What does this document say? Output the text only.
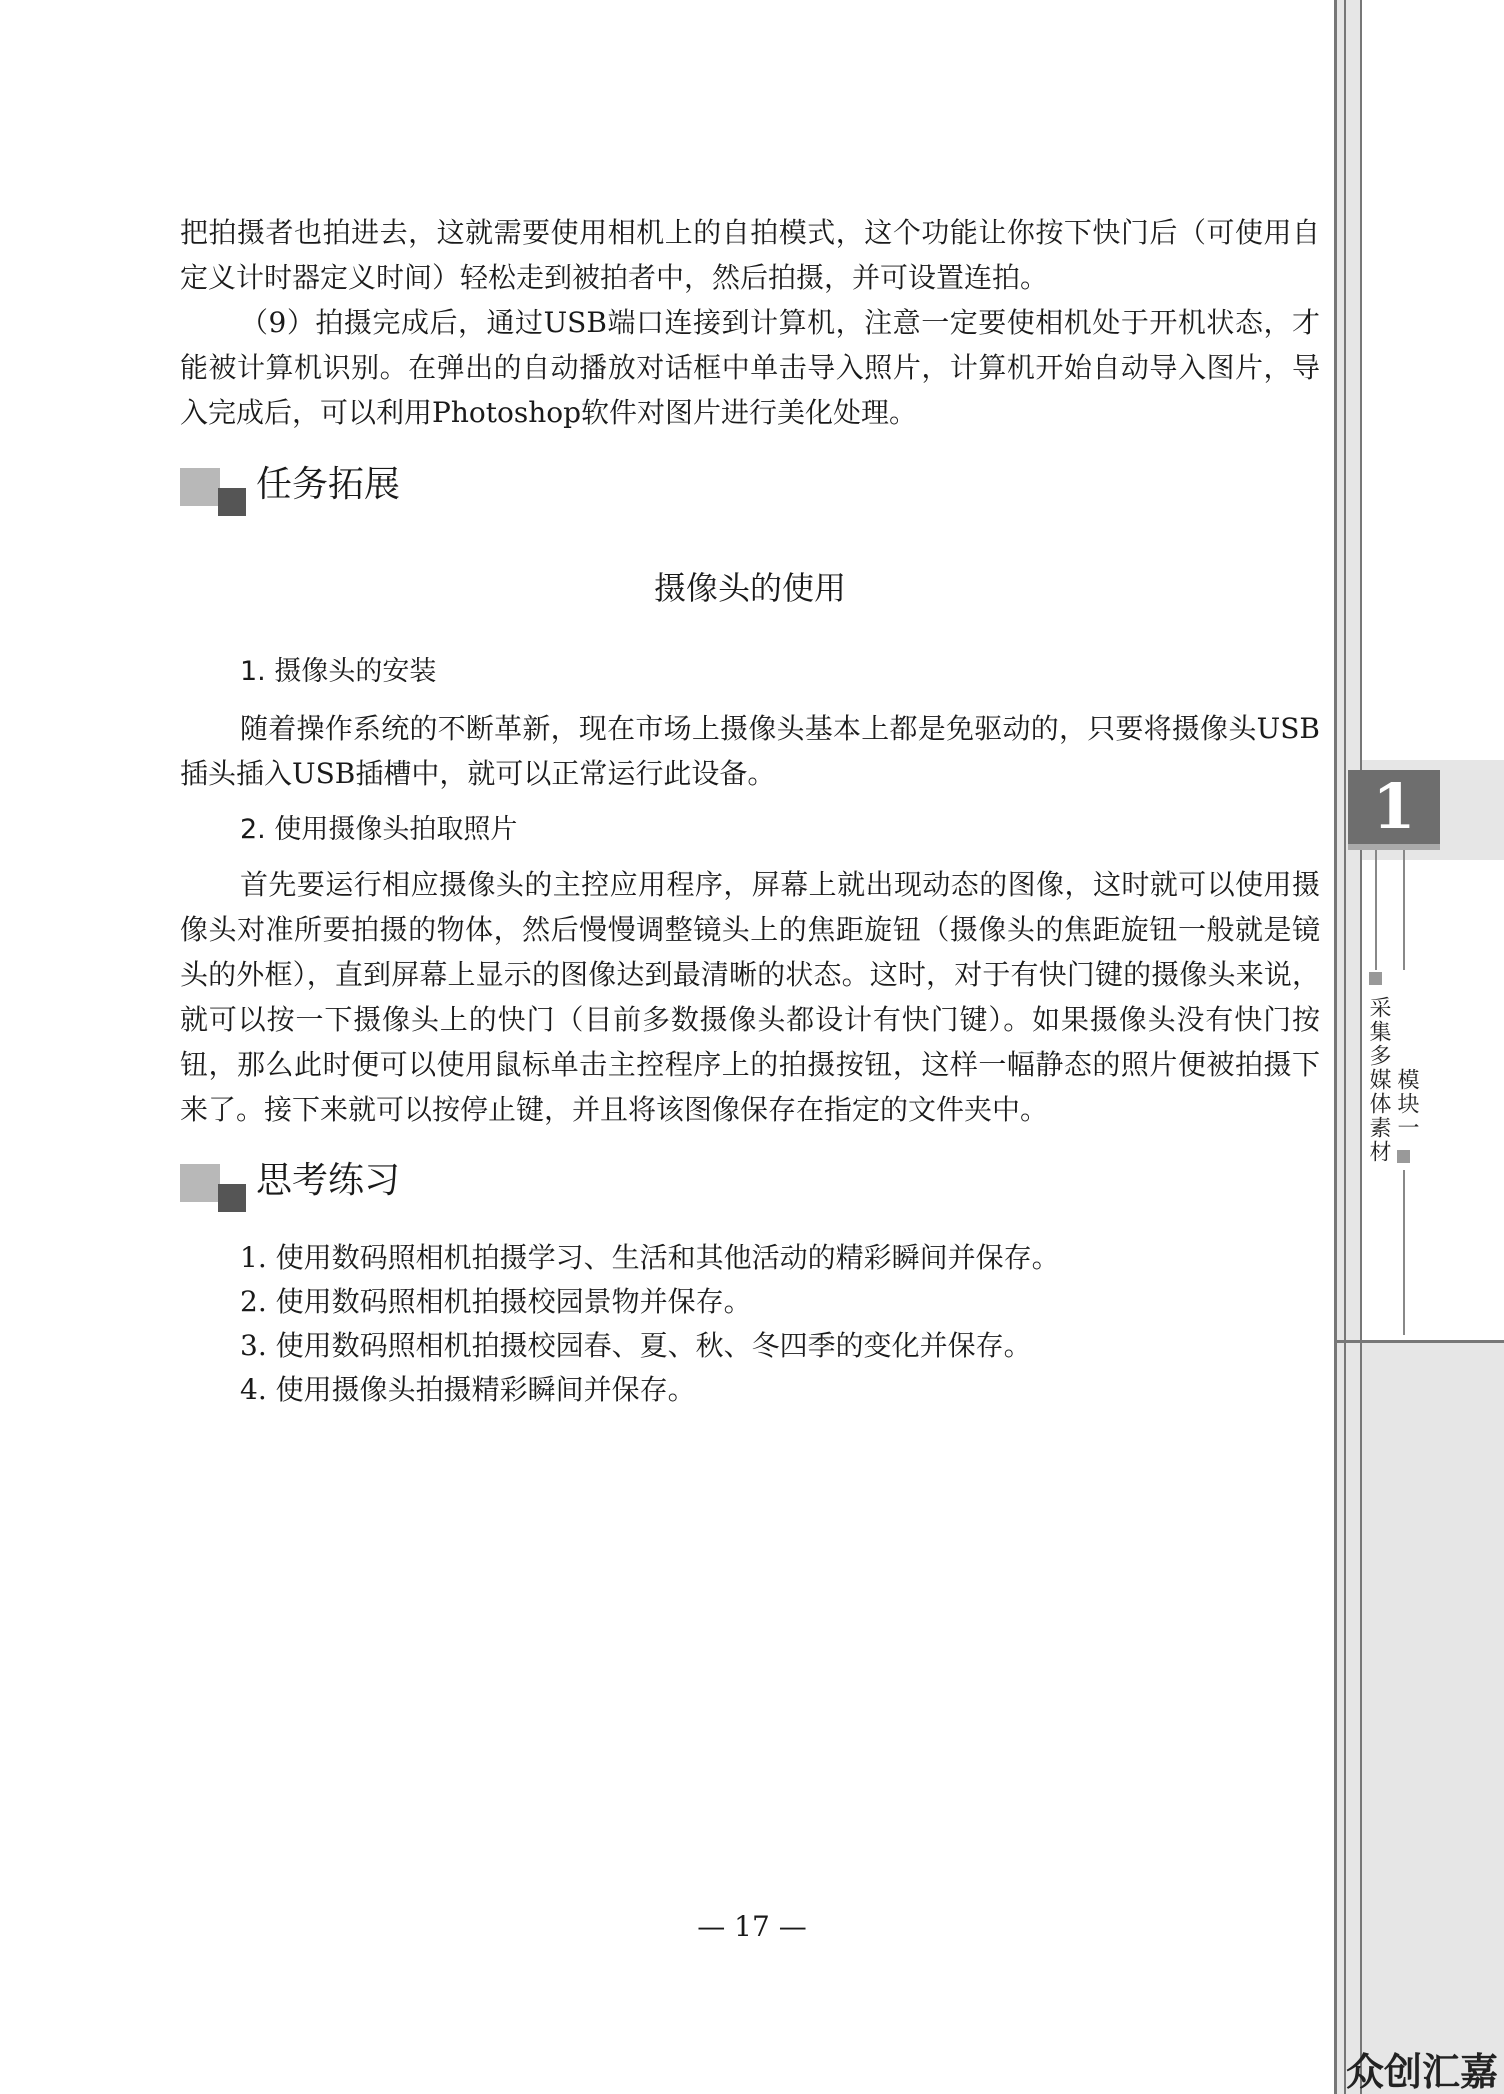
1
采集多媒体素材 模块一

把拍摄者也拍进去，这就需要使用相机上的自拍模式，这个功能让你按下快门后（可使用自定义计时器定义时间）轻松走到被拍者中，然后拍摄，并可设置连拍。

（9）拍摄完成后，通过USB端口连接到计算机，注意一定要使相机处于开机状态，才能被计算机识别。在弹出的自动播放对话框中单击导入照片，计算机开始自动导入图片，导入完成后，可以利用Photoshop软件对图片进行美化处理。

任务拓展
摄像头的使用
1. 摄像头的安装

随着操作系统的不断革新，现在市场上摄像头基本上都是免驱动的，只要将摄像头USB插头插入USB插槽中，就可以正常运行此设备。

2. 使用摄像头拍取照片

首先要运行相应摄像头的主控应用程序，屏幕上就出现动态的图像，这时就可以使用摄像头对准所要拍摄的物体，然后慢慢调整镜头上的焦距旋钮（摄像头的焦距旋钮一般就是镜头的外框），直到屏幕上显示的图像达到最清晰的状态。这时，对于有快门键的摄像头来说，就可以按一下摄像头上的快门（目前多数摄像头都设计有快门键）。如果摄像头没有快门按钮，那么此时便可以使用鼠标单击主控程序上的拍摄按钮，这样一幅静态的照片便被拍摄下来了。接下来就可以按停止键，并且将该图像保存在指定的文件夹中。

思考练习
1. 使用数码照相机拍摄学习、生活和其他活动的精彩瞬间并保存。
2. 使用数码照相机拍摄校园景物并保存。
3. 使用数码照相机拍摄校园春、夏、秋、冬四季的变化并保存。
4. 使用摄像头拍摄精彩瞬间并保存。
— 17 —
众创汇嘉
